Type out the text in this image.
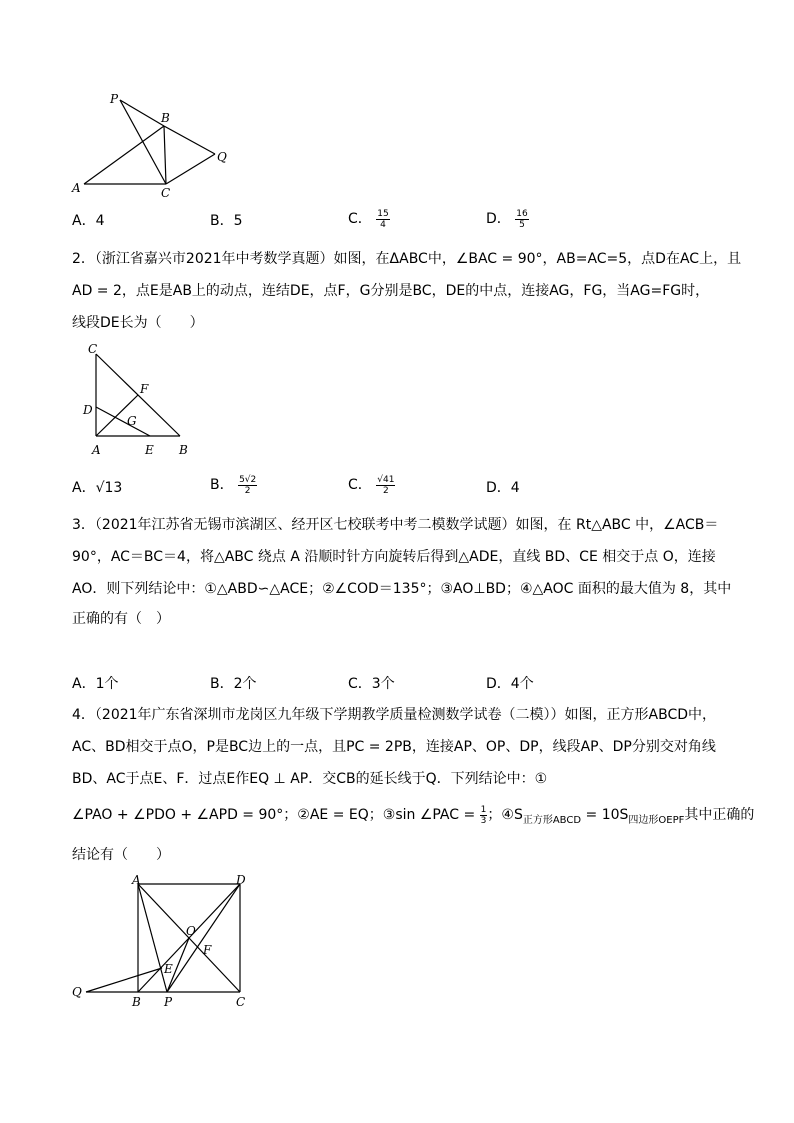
P
B
Q
A	C
A．4	B．5	C． $\frac{15}{4}$	D． $\frac{16}{5}$
2．（浙江省嘉兴市2021年中考数学真题）如图，在ΔABC中，∠BAC = 90°，AB=AC=5，点D在AC上，且
AD = 2，点E是AB上的动点，连结DE，点F，G分别是BC，DE的中点，连接AG，FG，当AG=FG时，
线段DE长为（　　）
C
F
D
G
A	E B
A．√13	B． $\frac{5√2}{2}$	C． $\frac{√41}{2}$	D．4
3．（2021年江苏省无锡市滨湖区、经开区七校联考中考二模数学试题）如图，在 Rt△ABC 中，∠ACB＝
90°，AC＝BC＝4，将△ABC 绕点 A 沿顺时针方向旋转后得到△ADE，直线 BD、CE 相交于点 O，连接
AO．则下列结论中：①△ABD∽△ACE；②∠COD＝135°；③AO⊥BD；④△AOC 面积的最大值为 8，其中
正确的有（　）
A．1个	B．2个	C．3个	D．4个
4．（2021年广东省深圳市龙岗区九年级下学期教学质量检测数学试卷（二模））如图，正方形ABCD中，
AC、BD相交于点O，P是BC边上的一点，且PC = 2PB，连接AP、OP、DP，线段AP、DP分别交对角线
BD、AC于点E、F．过点E作EQ ⊥ AP．交CB的延长线于Q．下列结论中：①
∠PAO + ∠PDO + ∠APD = 90°；②AE = EQ；③sin ∠PAC = $\frac{1}{3}$ ；$④S_{正方形ABCD} = 10S_{四边形OEPF}$其中正确的
结论有（　　）
A	D
O
F
E
Q
B P	C
